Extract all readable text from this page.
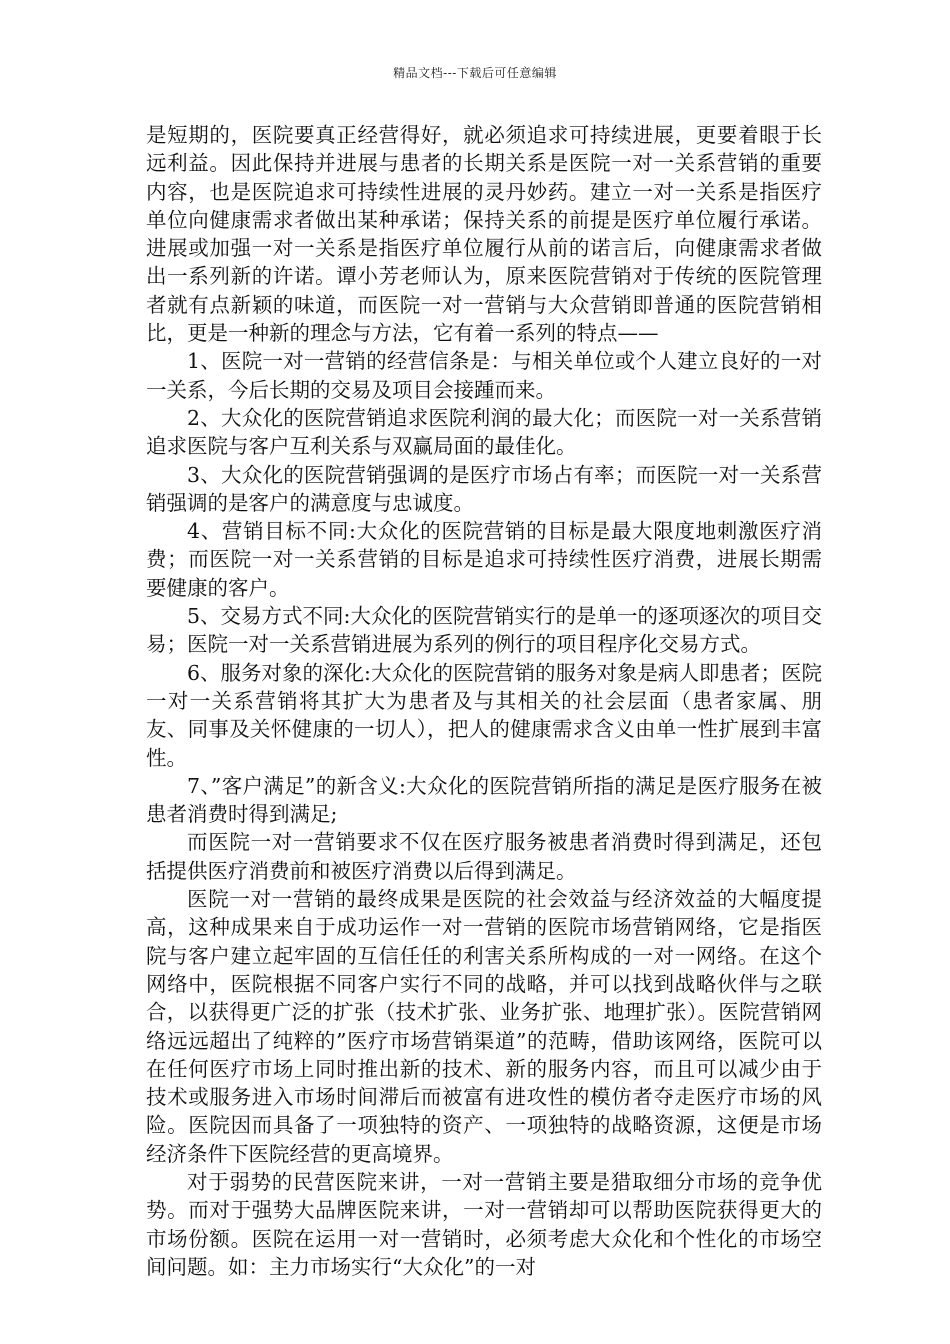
精品文档---下载后可任意编辑

是短期的，医院要真正经营得好，就必须追求可持续进展，更要着眼于长远利益。因此保持并进展与患者的长期关系是医院一对一关系营销的重要内容，也是医院追求可持续性进展的灵丹妙药。建立一对一关系是指医疗单位向健康需求者做出某种承诺；保持关系的前提是医疗单位履行承诺。进展或加强一对一关系是指医疗单位履行从前的诺言后，向健康需求者做出一系列新的许诺。谭小芳老师认为，原来医院营销对于传统的医院管理者就有点新颖的味道，而医院一对一营销与大众营销即普通的医院营销相比，更是一种新的理念与方法，它有着一系列的特点——

1、医院一对一营销的经营信条是：与相关单位或个人建立良好的一对一关系，今后长期的交易及项目会接踵而来。

2、大众化的医院营销追求医院利润的最大化；而医院一对一关系营销追求医院与客户互利关系与双赢局面的最佳化。

3、大众化的医院营销强调的是医疗市场占有率；而医院一对一关系营销强调的是客户的满意度与忠诚度。

4、营销目标不同:大众化的医院营销的目标是最大限度地刺激医疗消费；而医院一对一关系营销的目标是追求可持续性医疗消费，进展长期需要健康的客户。

5、交易方式不同:大众化的医院营销实行的是单一的逐项逐次的项目交易；医院一对一关系营销进展为系列的例行的项目程序化交易方式。

6、服务对象的深化:大众化的医院营销的服务对象是病人即患者；医院一对一关系营销将其扩大为患者及与其相关的社会层面（患者家属、朋友、同事及关怀健康的一切人），把人的健康需求含义由单一性扩展到丰富性。

7、”客户满足”的新含义:大众化的医院营销所指的满足是医疗服务在被患者消费时得到满足;

而医院一对一营销要求不仅在医疗服务被患者消费时得到满足，还包括提供医疗消费前和被医疗消费以后得到满足。

医院一对一营销的最终成果是医院的社会效益与经济效益的大幅度提高，这种成果来自于成功运作一对一营销的医院市场营销网络，它是指医院与客户建立起牢固的互信任任的利害关系所构成的一对一网络。在这个网络中，医院根据不同客户实行不同的战略，并可以找到战略伙伴与之联合，以获得更广泛的扩张（技术扩张、业务扩张、地理扩张）。医院营销网络远远超出了纯粹的”医疗市场营销渠道”的范畴，借助该网络，医院可以在任何医疗市场上同时推出新的技术、新的服务内容，而且可以减少由于技术或服务进入市场时间滞后而被富有进攻性的模仿者夺走医疗市场的风险。医院因而具备了一项独特的资产、一项独特的战略资源，这便是市场经济条件下医院经营的更高境界。

对于弱势的民营医院来讲，一对一营销主要是猎取细分市场的竞争优势。而对于强势大品牌医院来讲，一对一营销却可以帮助医院获得更大的市场份额。医院在运用一对一营销时，必须考虑大众化和个性化的市场空间问题。如：主力市场实行“大众化”的一对
